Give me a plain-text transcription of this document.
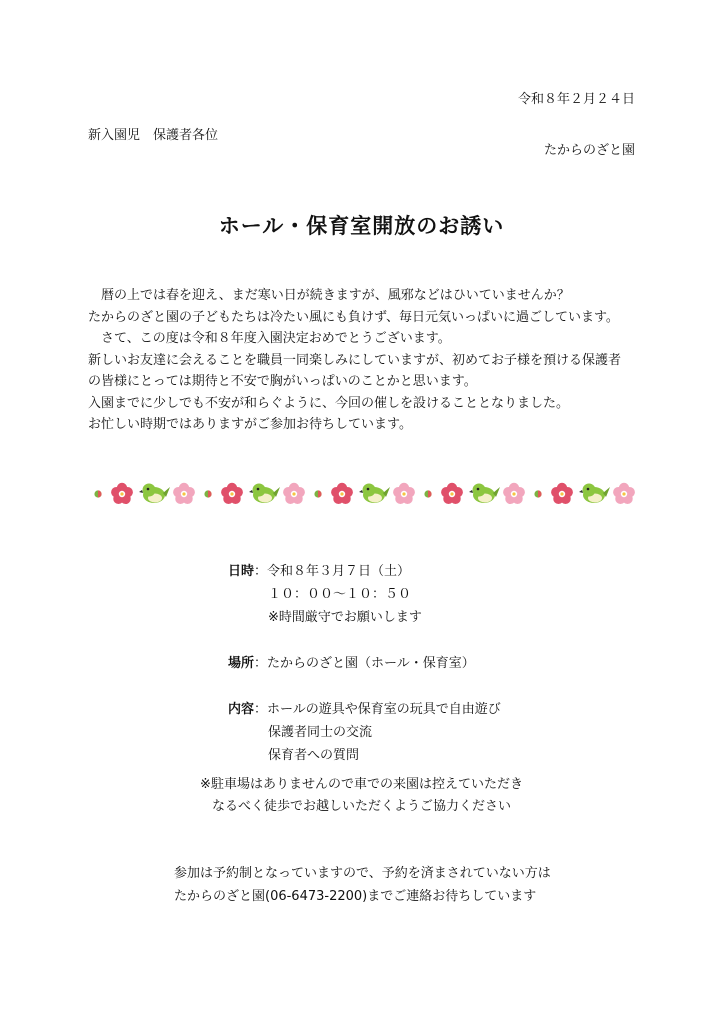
令和８年２月２４日
新入園児　保護者各位
たからのざと園
ホール・保育室開放のお誘い
　暦の上では春を迎え、まだ寒い日が続きますが、風邪などはひいていませんか？
たからのざと園の子どもたちは冷たい風にも負けず、毎日元気いっぱいに過ごしています。
　さて、この度は令和８年度入園決定おめでとうございます。
新しいお友達に会えることを職員一同楽しみにしていますが、初めてお子様を預ける保護者
の皆様にとっては期待と不安で胸がいっぱいのことかと思います。
入園までに少しでも不安が和らぐように、今回の催しを設けることとなりました。
お忙しい時期ではありますがご参加お待ちしています。
日時 ： 令和８年３月７日（土）
１０：００～１０：５０
※時間厳守でお願いします
場所 ： たからのざと園（ホール・保育室）
内容 ： ホールの遊具や保育室の玩具で自由遊び
保護者同士の交流
保育者への質問
※駐車場はありませんので車での来園は控えていただき
なるべく徒歩でお越しいただくようご協力ください
参加は予約制となっていますので、予約を済まされていない方は
たからのざと園(06-6473-2200)までご連絡お待ちしています
